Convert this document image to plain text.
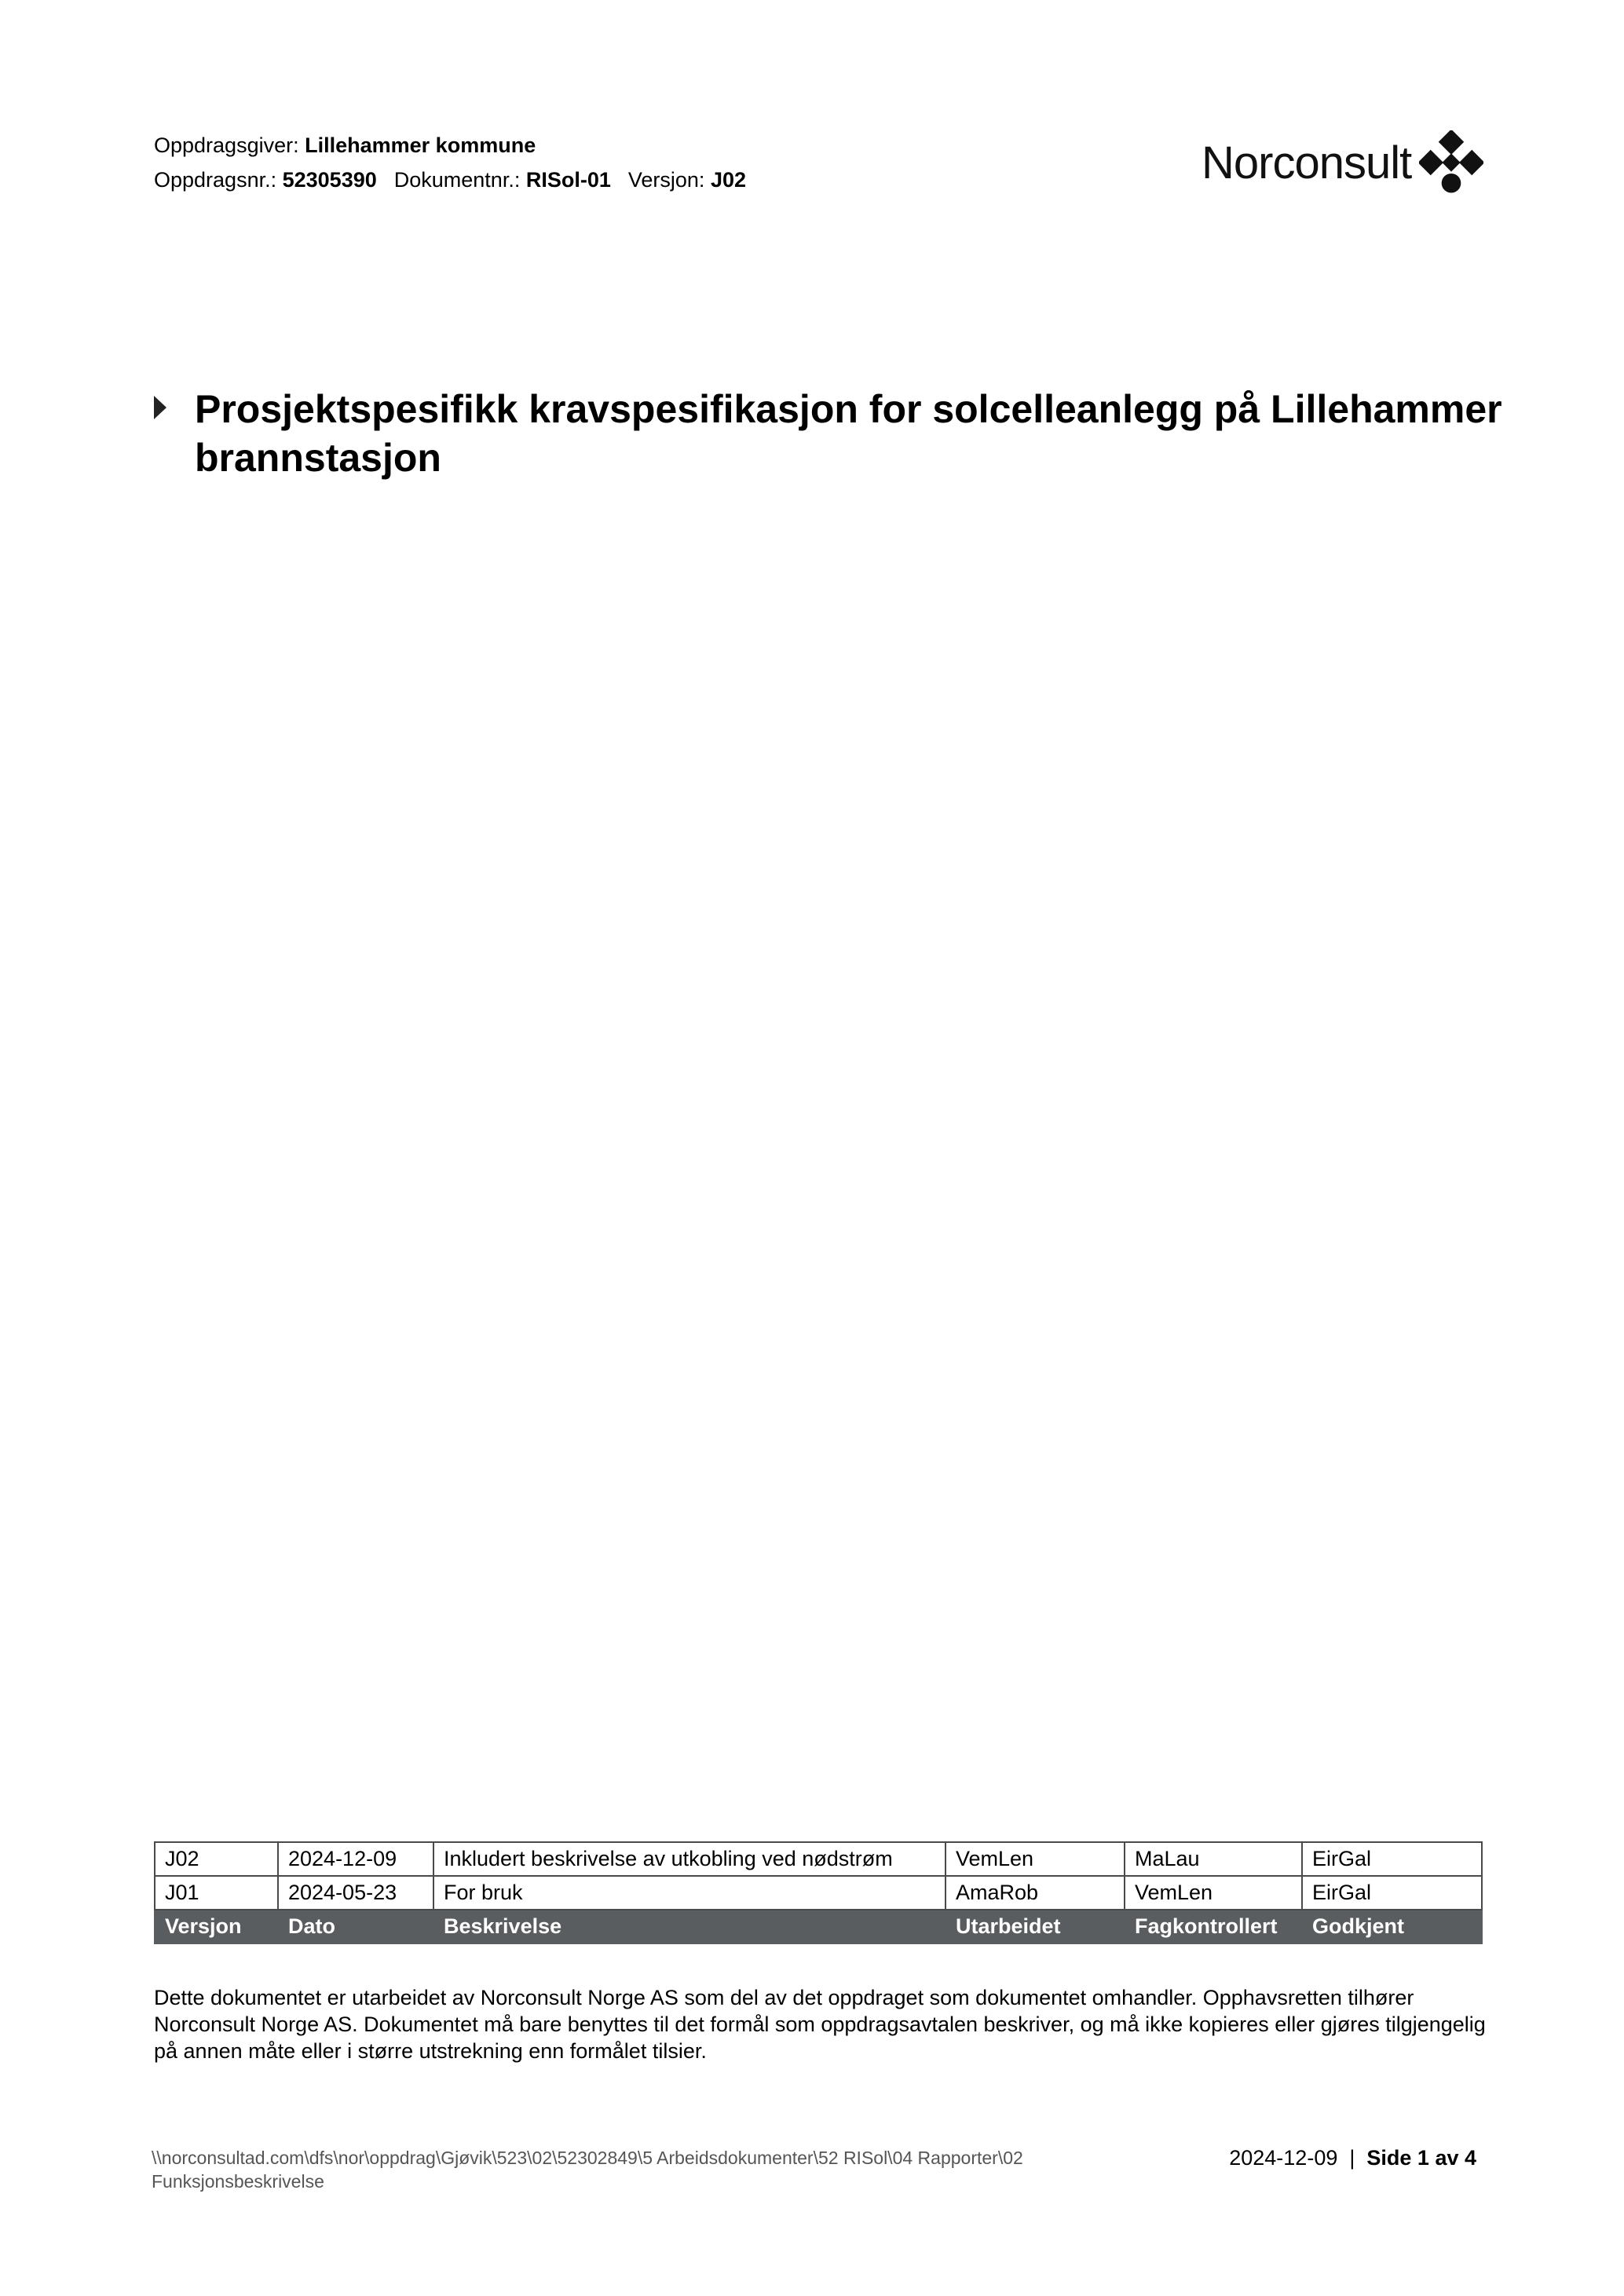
Oppdragsgiver: Lillehammer kommune
Oppdragsnr.: 52305390 Dokumentnr.: RISol-01 Versjon: J02	Norconsult
Prosjektspesifikk kravspesifikasjon for solcelleanlegg på Lillehammer brannstasjon
J02	2024-12-09	Inkludert beskrivelse av utkobling ved nødstrøm	VemLen	MaLau	EirGal
J01	2024-05-23	For bruk	AmaRob	VemLen	EirGal
Versjon	Dato	Beskrivelse	Utarbeidet	Fagkontrollert	Godkjent
Dette dokumentet er utarbeidet av Norconsult Norge AS som del av det oppdraget som dokumentet omhandler. Opphavsretten tilhører Norconsult Norge AS. Dokumentet må bare benyttes til det formål som oppdragsavtalen beskriver, og må ikke kopieres eller gjøres tilgjengelig på annen måte eller i større utstrekning enn formålet tilsier.
\\norconsultad.com\dfs\nor\oppdrag\Gjøvik\523\02\52302849\5 Arbeidsdokumenter\52 RISol\04 Rapporter\02 Funksjonsbeskrivelse
2024-12-09 | Side 1 av 4
